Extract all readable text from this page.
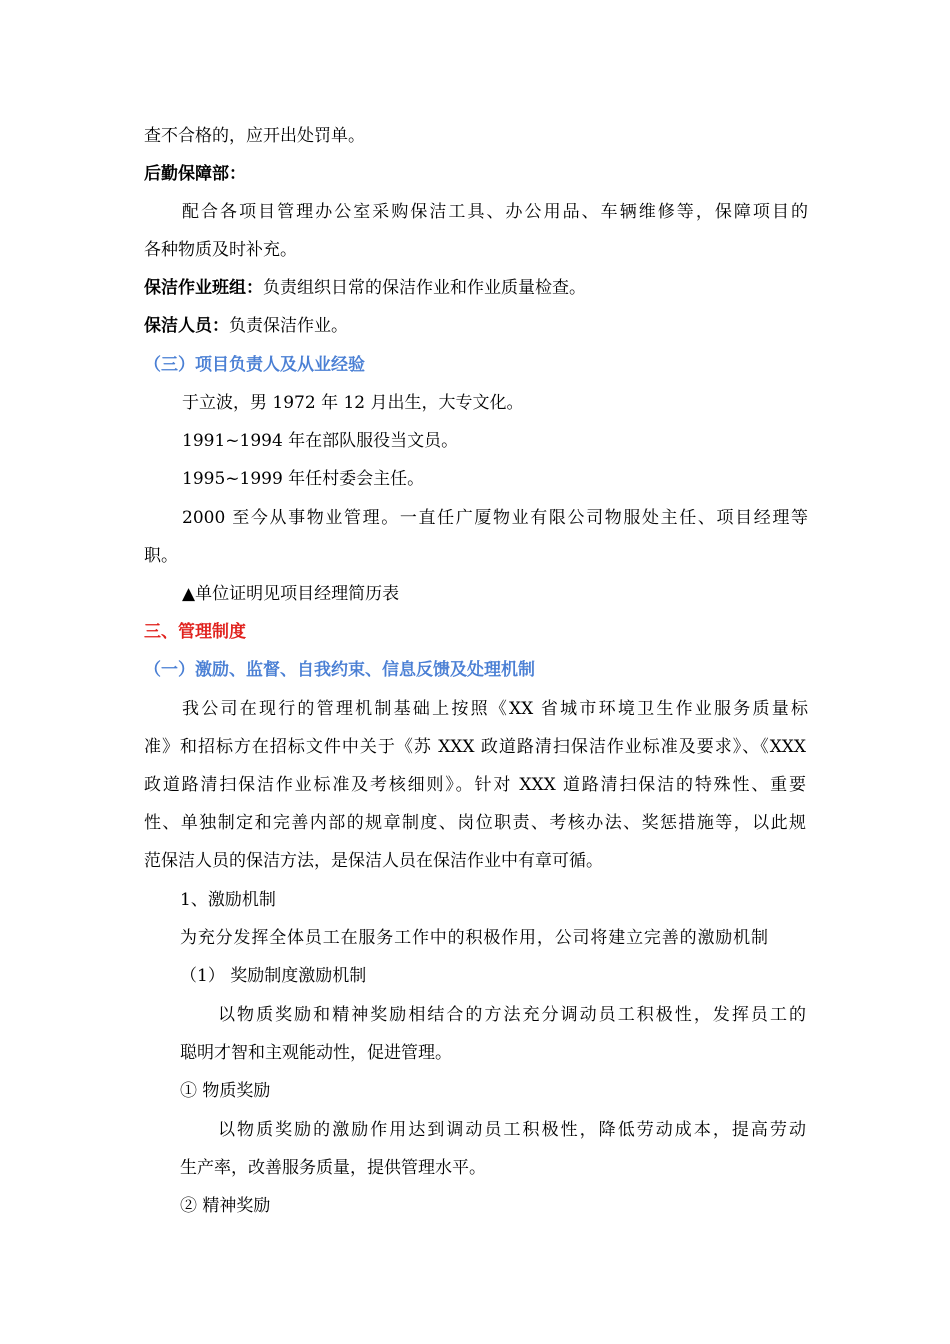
查不合格的，应开出处罚单。
后勤保障部：
配合各项目管理办公室采购保洁工具、办公用品、车辆维修等，保障项目的
各种物质及时补充。
保洁作业班组：负责组织日常的保洁作业和作业质量检查。
保洁人员：负责保洁作业。
（三）项目负责人及从业经验
于立波，男 1972 年 12 月出生，大专文化。
1991~1994 年在部队服役当文员。
1995~1999 年任村委会主任。
2000 至今从事物业管理。一直任广厦物业有限公司物服处主任、项目经理等
职。
▲单位证明见项目经理简历表
三、管理制度
（一）激励、监督、自我约束、信息反馈及处理机制
我公司在现行的管理机制基础上按照《XX 省城市环境卫生作业服务质量标
准》和招标方在招标文件中关于《苏 XXX 政道路清扫保洁作业标准及要求》、《XXX
政道路清扫保洁作业标准及考核细则》。针对 XXX 道路清扫保洁的特殊性、重要
性、单独制定和完善内部的规章制度、岗位职责、考核办法、奖惩措施等，以此规
范保洁人员的保洁方法，是保洁人员在保洁作业中有章可循。
1、激励机制
为充分发挥全体员工在服务工作中的积极作用，公司将建立完善的激励机制
（1） 奖励制度激励机制
以物质奖励和精神奖励相结合的方法充分调动员工积极性，发挥员工的
聪明才智和主观能动性，促进管理。
① 物质奖励
以物质奖励的激励作用达到调动员工积极性，降低劳动成本，提高劳动
生产率，改善服务质量，提供管理水平。
② 精神奖励
